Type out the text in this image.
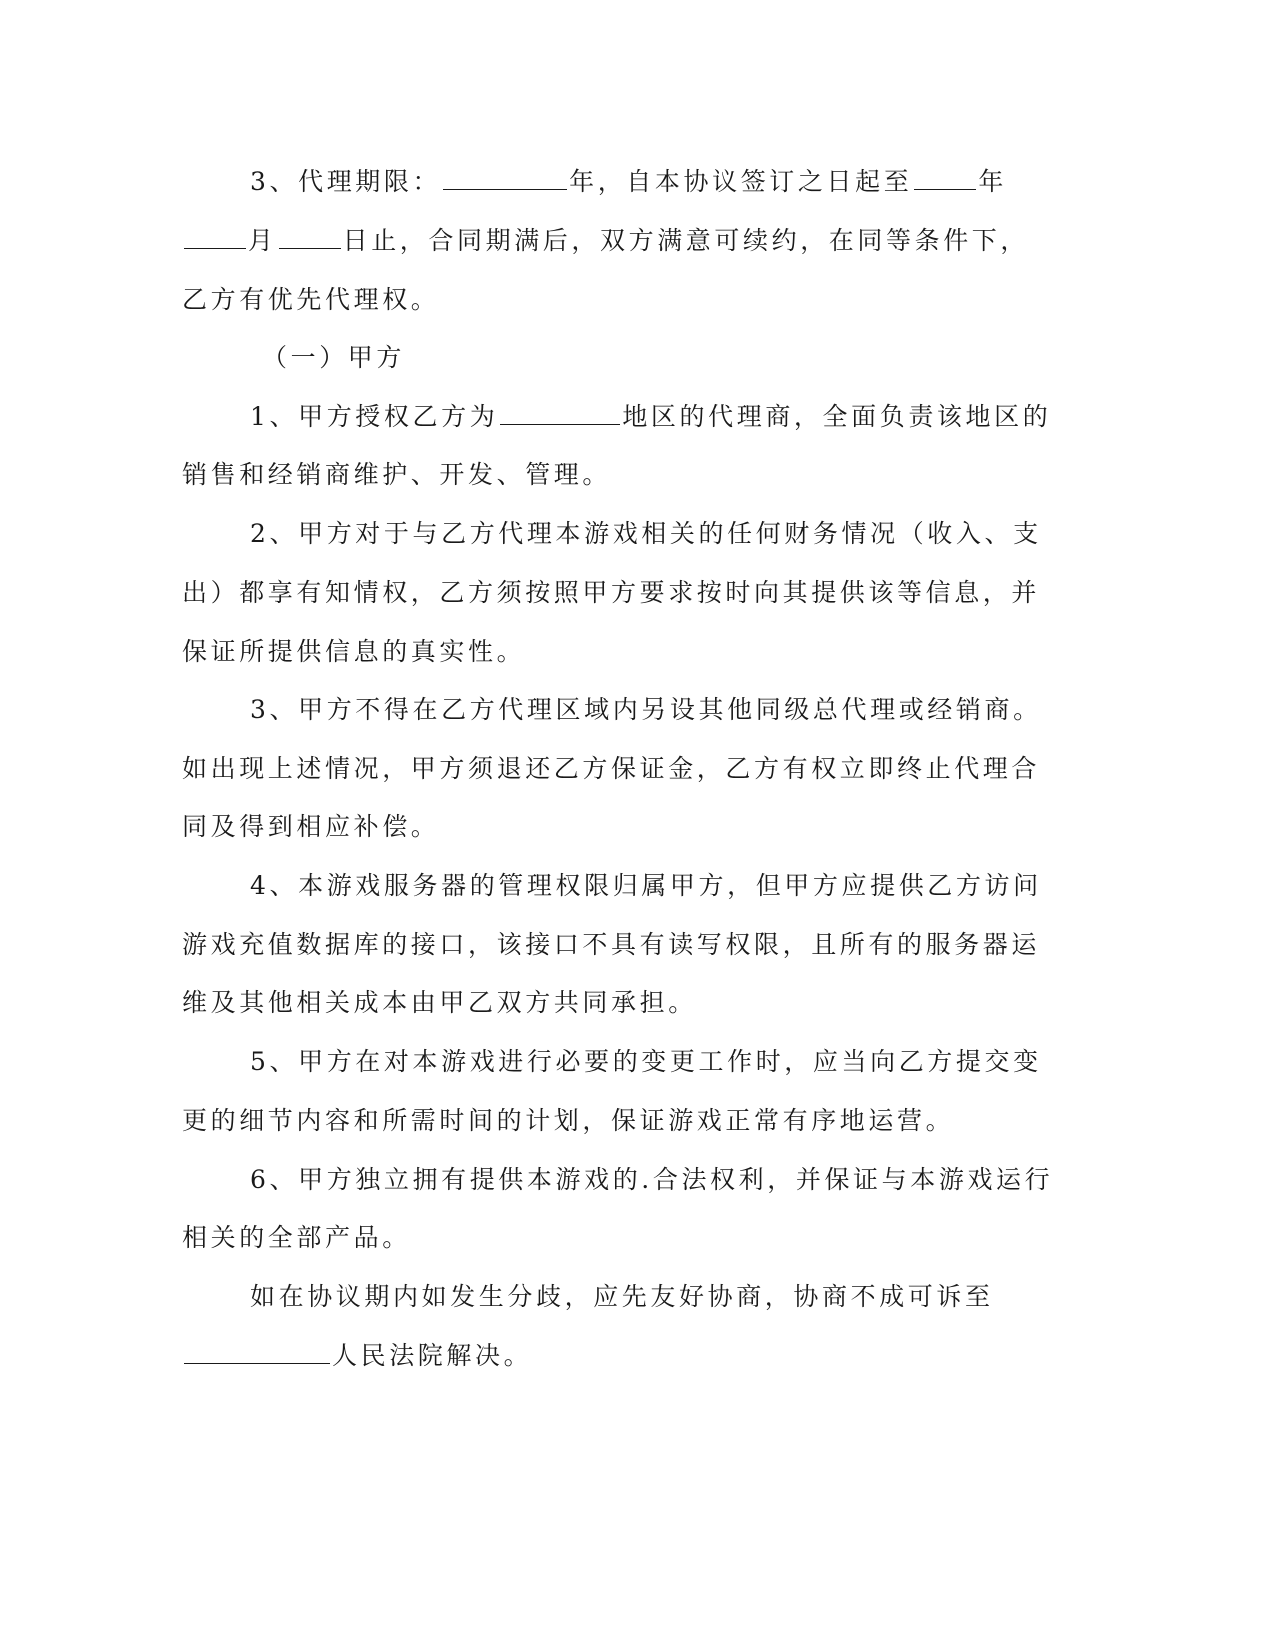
3、代理期限：	年，自本协议签订之日起至	年
月	日止，合同期满后，双方满意可续约，在同等条件下，
乙方有优先代理权。
（一）甲方
1、甲方授权乙方为	地区的代理商，全面负责该地区的
销售和经销商维护、开发、管理。
2、甲方对于与乙方代理本游戏相关的任何财务情况（收入、支
出）都享有知情权，乙方须按照甲方要求按时向其提供该等信息，并
保证所提供信息的真实性。
3、甲方不得在乙方代理区域内另设其他同级总代理或经销商。
如出现上述情况，甲方须退还乙方保证金，乙方有权立即终止代理合
同及得到相应补偿。
4、本游戏服务器的管理权限归属甲方，但甲方应提供乙方访问
游戏充值数据库的接口，该接口不具有读写权限，且所有的服务器运
维及其他相关成本由甲乙双方共同承担。
5、甲方在对本游戏进行必要的变更工作时，应当向乙方提交变
更的细节内容和所需时间的计划，保证游戏正常有序地运营。
6、甲方独立拥有提供本游戏的.合法权利，并保证与本游戏运行
相关的全部产品。
如在协议期内如发生分歧，应先友好协商，协商不成可诉至
人民法院解决。
